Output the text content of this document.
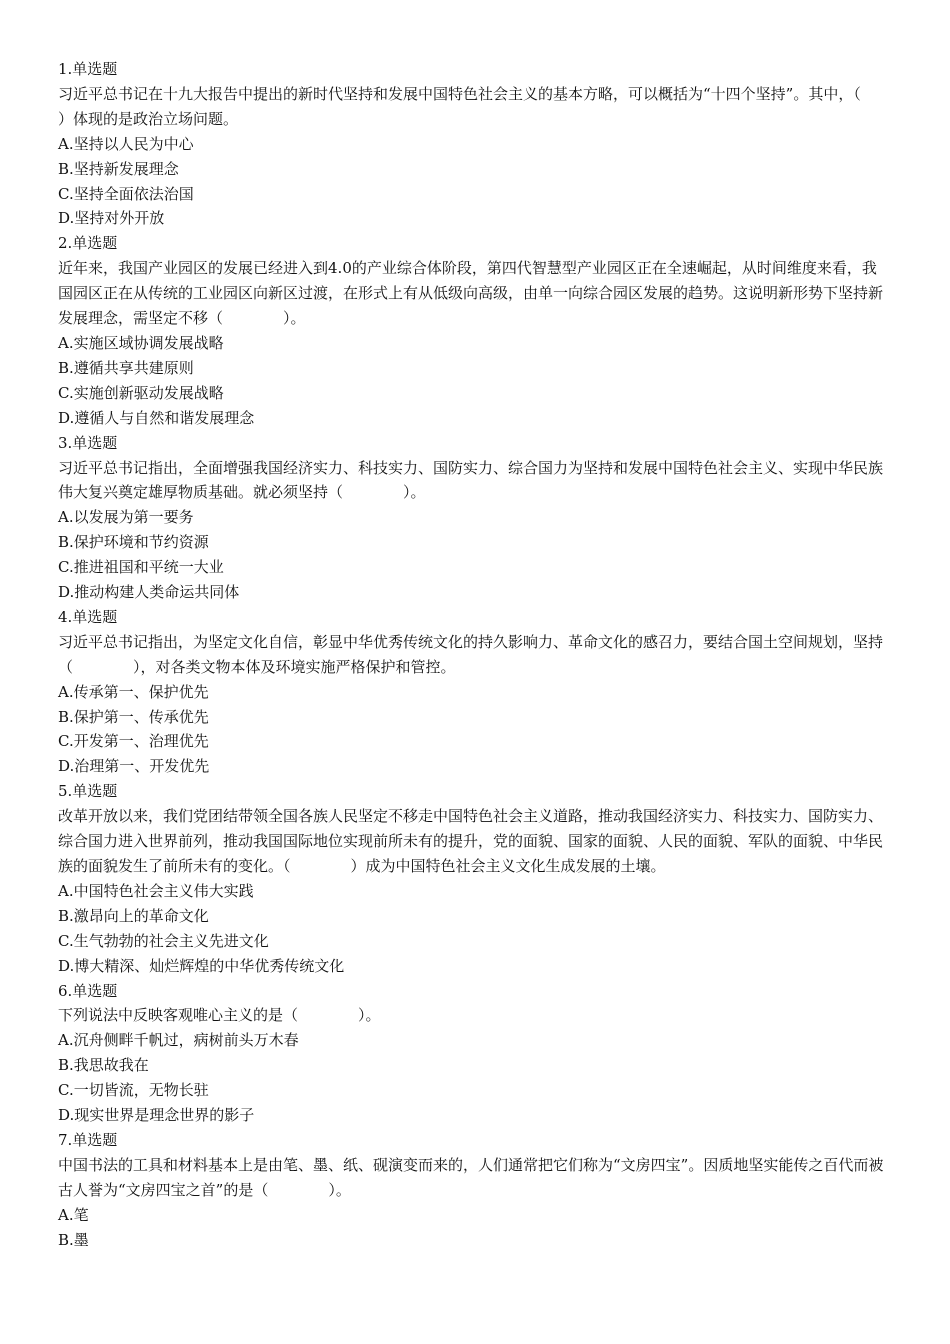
1.单选题

习近平总书记在十九大报告中提出的新时代坚持和发展中国特色社会主义的基本方略，可以概括为“十四个坚持”。其中，（　　　　）体现的是政治立场问题。

A.坚持以人民为中心

B.坚持新发展理念

C.坚持全面依法治国

D.坚持对外开放

2.单选题

近年来，我国产业园区的发展已经进入到4.0的产业综合体阶段，第四代智慧型产业园区正在全速崛起，从时间维度来看，我国园区正在从传统的工业园区向新区过渡，在形式上有从低级向高级，由单一向综合园区发展的趋势。这说明新形势下坚持新发展理念，需坚定不移（　　　　）。

A.实施区域协调发展战略

B.遵循共享共建原则

C.实施创新驱动发展战略

D.遵循人与自然和谐发展理念

3.单选题

习近平总书记指出，全面增强我国经济实力、科技实力、国防实力、综合国力为坚持和发展中国特色社会主义、实现中华民族伟大复兴奠定雄厚物质基础。就必须坚持（　　　　）。

A.以发展为第一要务

B.保护环境和节约资源

C.推进祖国和平统一大业

D.推动构建人类命运共同体

4.单选题

习近平总书记指出，为坚定文化自信，彰显中华优秀传统文化的持久影响力、革命文化的感召力，要结合国土空间规划，坚持（　　　　），对各类文物本体及环境实施严格保护和管控。

A.传承第一、保护优先

B.保护第一、传承优先

C.开发第一、治理优先

D.治理第一、开发优先

5.单选题

改革开放以来，我们党团结带领全国各族人民坚定不移走中国特色社会主义道路，推动我国经济实力、科技实力、国防实力、综合国力进入世界前列，推动我国国际地位实现前所未有的提升，党的面貌、国家的面貌、人民的面貌、军队的面貌、中华民族的面貌发生了前所未有的变化。（　　　　）成为中国特色社会主义文化生成发展的土壤。

A.中国特色社会主义伟大实践

B.激昂向上的革命文化

C.生气勃勃的社会主义先进文化

D.博大精深、灿烂辉煌的中华优秀传统文化

6.单选题

下列说法中反映客观唯心主义的是（　　　　）。

A.沉舟侧畔千帆过，病树前头万木春

B.我思故我在

C.一切皆流，无物长驻

D.现实世界是理念世界的影子

7.单选题

中国书法的工具和材料基本上是由笔、墨、纸、砚演变而来的，人们通常把它们称为“文房四宝”。因质地坚实能传之百代而被古人誉为“文房四宝之首”的是（　　　　）。

A.笔

B.墨
